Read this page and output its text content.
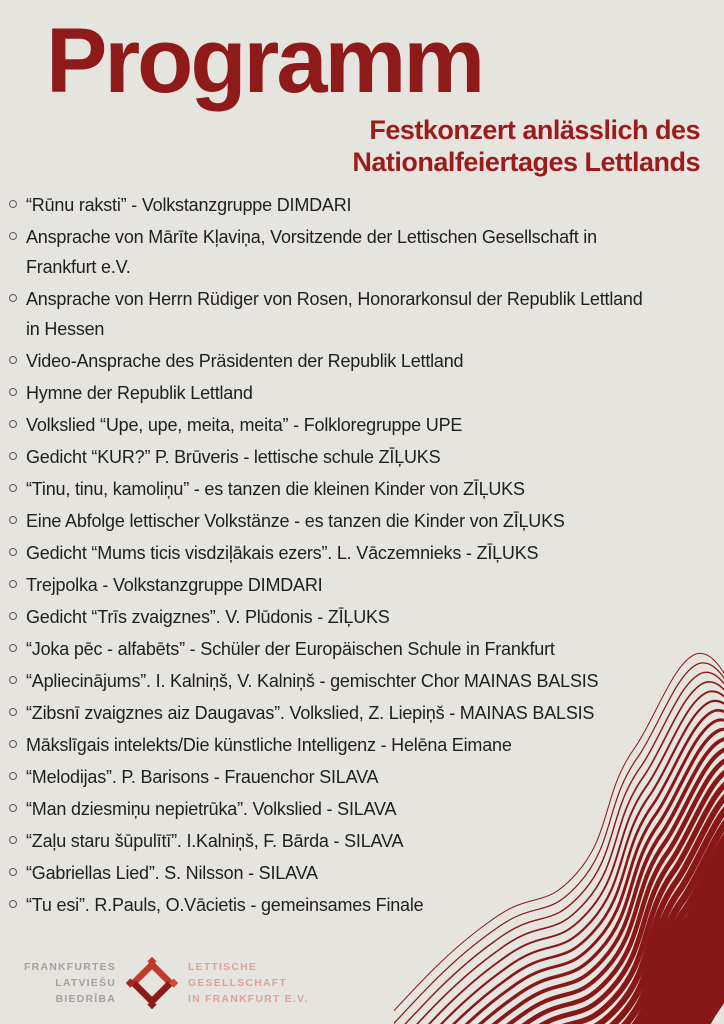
Programm
Festkonzert anlässlich des
Nationalfeiertages Lettlands
“Rūnu raksti” - Volkstanzgruppe DIMDARI
Ansprache von Mārīte Kļaviņa, Vorsitzende der Lettischen Gesellschaft in Frankfurt e.V.
Ansprache von Herrn Rüdiger von Rosen, Honorarkonsul der Republik Lettland in Hessen
Video-Ansprache des Präsidenten der Republik Lettland
Hymne der Republik Lettland
Volkslied “Upe, upe, meita, meita” - Folkloregruppe UPE
Gedicht “KUR?” P. Brūveris - lettische schule ZĪĻUKS
“Tinu, tinu, kamoliņu” - es tanzen die kleinen Kinder von ZĪĻUKS
Eine Abfolge lettischer Volkstänze - es tanzen die Kinder von ZĪĻUKS
Gedicht “Mums ticis visdziļākais ezers”. L. Vāczemnieks - ZĪĻUKS
Trejpolka - Volkstanzgruppe DIMDARI
Gedicht “Trīs zvaigznes”. V. Plūdonis - ZĪĻUKS
“Joka pēc - alfabēts” - Schüler der Europäischen Schule in Frankfurt
“Apliecinājums”. I. Kalniņš, V. Kalniņš - gemischter Chor MAINAS BALSIS
“Zibsnī zvaigznes aiz Daugavas”. Volkslied, Z. Liepiņš - MAINAS BALSIS
Mākslīgais intelekts/Die künstliche Intelligenz - Helēna Eimane
“Melodijas”. P. Barisons - Frauenchor SILAVA
“Man dziesmiņu nepietrūka”. Volkslied - SILAVA
“Zaļu staru šūpulītī”. I.Kalniņš, F. Bārda - SILAVA
“Gabriellas Lied”. S. Nilsson - SILAVA
“Tu esi”. R.Pauls, O.Vācietis - gemeinsames Finale
FRANKFURTES
LATVIEŠU
BIEDRĪBA
LETTISCHE
GESELLSCHAFT
IN FRANKFURT E.V.
